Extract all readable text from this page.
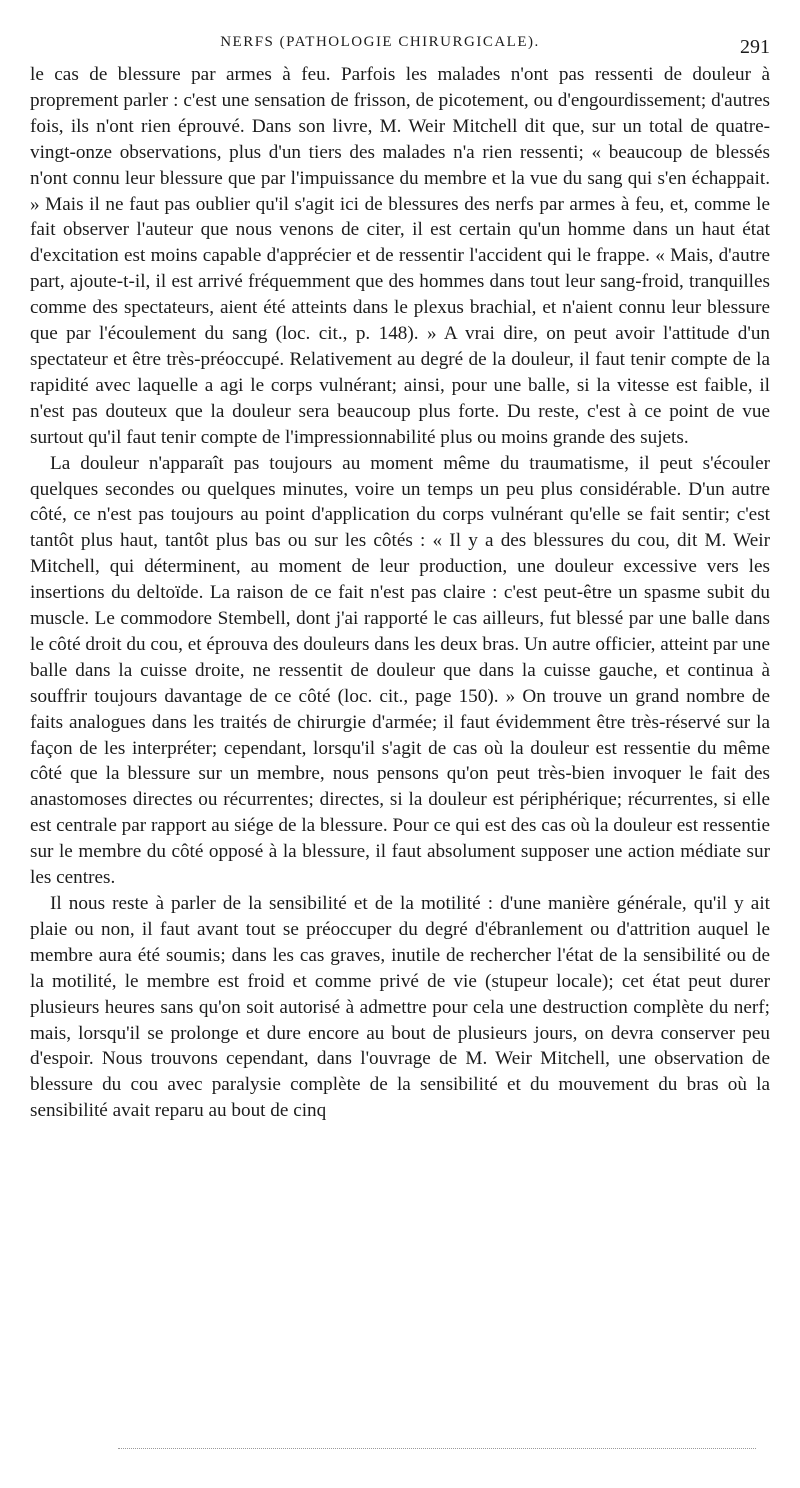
NERFS (PATHOLOGIE CHIRURGICALE).	291

le cas de blessure par armes à feu. Parfois les malades n'ont pas ressenti de douleur à proprement parler : c'est une sensation de frisson, de picotement, ou d'engourdissement; d'autres fois, ils n'ont rien éprouvé. Dans son livre, M. Weir Mitchell dit que, sur un total de quatre-vingt-onze observations, plus d'un tiers des malades n'a rien ressenti; « beaucoup de blessés n'ont connu leur blessure que par l'impuissance du membre et la vue du sang qui s'en échappait. » Mais il ne faut pas oublier qu'il s'agit ici de blessures des nerfs par armes à feu, et, comme le fait observer l'auteur que nous venons de citer, il est certain qu'un homme dans un haut état d'excitation est moins capable d'apprécier et de ressentir l'accident qui le frappe. « Mais, d'autre part, ajoute-t-il, il est arrivé fréquemment que des hommes dans tout leur sang-froid, tranquilles comme des spectateurs, aient été atteints dans le plexus brachial, et n'aient connu leur blessure que par l'écoulement du sang (loc. cit., p. 148). » A vrai dire, on peut avoir l'attitude d'un spectateur et être très-préoccupé. Relativement au degré de la douleur, il faut tenir compte de la rapidité avec laquelle a agi le corps vulnérant; ainsi, pour une balle, si la vitesse est faible, il n'est pas douteux que la douleur sera beaucoup plus forte. Du reste, c'est à ce point de vue surtout qu'il faut tenir compte de l'impressionnabilité plus ou moins grande des sujets.

La douleur n'apparaît pas toujours au moment même du traumatisme, il peut s'écouler quelques secondes ou quelques minutes, voire un temps un peu plus considérable. D'un autre côté, ce n'est pas toujours au point d'application du corps vulnérant qu'elle se fait sentir; c'est tantôt plus haut, tantôt plus bas ou sur les côtés : « Il y a des blessures du cou, dit M. Weir Mitchell, qui déterminent, au moment de leur production, une douleur excessive vers les insertions du deltoïde. La raison de ce fait n'est pas claire : c'est peut-être un spasme subit du muscle. Le commodore Stembell, dont j'ai rapporté le cas ailleurs, fut blessé par une balle dans le côté droit du cou, et éprouva des douleurs dans les deux bras. Un autre officier, atteint par une balle dans la cuisse droite, ne ressentit de douleur que dans la cuisse gauche, et continua à souffrir toujours davantage de ce côté (loc. cit., page 150). » On trouve un grand nombre de faits analogues dans les traités de chirurgie d'armée; il faut évidemment être très-réservé sur la façon de les interpréter; cependant, lorsqu'il s'agit de cas où la douleur est ressentie du même côté que la blessure sur un membre, nous pensons qu'on peut très-bien invoquer le fait des anastomoses directes ou récurrentes; directes, si la douleur est périphérique; récurrentes, si elle est centrale par rapport au siége de la blessure. Pour ce qui est des cas où la douleur est ressentie sur le membre du côté opposé à la blessure, il faut absolument supposer une action médiate sur les centres.

Il nous reste à parler de la sensibilité et de la motilité : d'une manière générale, qu'il y ait plaie ou non, il faut avant tout se préoccuper du degré d'ébranlement ou d'attrition auquel le membre aura été soumis; dans les cas graves, inutile de rechercher l'état de la sensibilité ou de la motilité, le membre est froid et comme privé de vie (stupeur locale); cet état peut durer plusieurs heures sans qu'on soit autorisé à admettre pour cela une destruction complète du nerf; mais, lorsqu'il se prolonge et dure encore au bout de plusieurs jours, on devra conserver peu d'espoir. Nous trouvons cependant, dans l'ouvrage de M. Weir Mitchell, une observation de blessure du cou avec paralysie complète de la sensibilité et du mouvement du bras où la sensibilité avait reparu au bout de cinq
